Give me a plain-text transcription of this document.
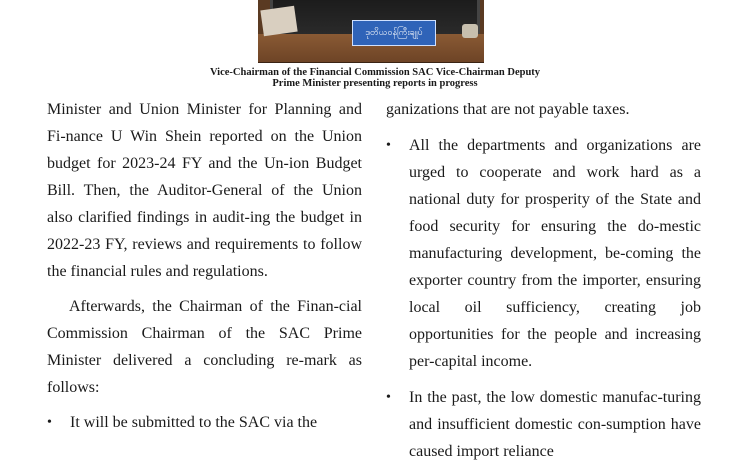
ဒုတိယဝန်ကြီးချုပ်
Vice-Chairman of the Financial Commission SAC Vice-Chairman Deputy
Prime Minister presenting reports in progress

Minister and Union Minister for Planning and Fi-nance U Win Shein reported on the Union budget for 2023-24 FY and the Un-ion Budget Bill. Then, the Auditor-General of the Union also clarified findings in audit-ing the budget in 2022-23 FY, reviews and requirements to follow the financial rules and regulations.

Afterwards, the Chairman of the Finan-cial Commission Chairman of the SAC Prime Minister delivered a concluding re-mark as follows:

• It will be submitted to the SAC via the

ganizations that are not payable taxes.

• All the departments and organizations are urged to cooperate and work hard as a national duty for prosperity of the State and food security for ensuring the do-mestic manufacturing development, be-coming the exporter country from the importer, ensuring local oil sufficiency, creating job opportunities for the people and increasing per-capital income.

• In the past, the low domestic manufac-turing and insufficient domestic con-sumption have caused import reliance
